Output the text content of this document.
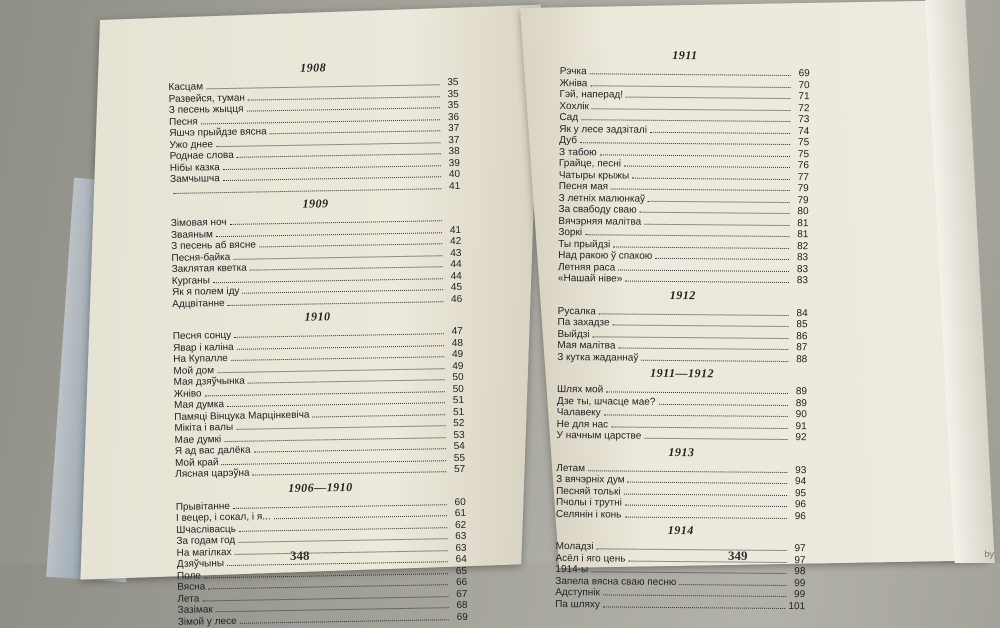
1908
Касцам	35
Развейся, туман	35
З песень жыцця	35
Песня	36
Яшчэ прыйдзе вясна	37
Ужо днее	37
Роднае слова	38
Нібы казка	39
Замчышча	40
41
1909
Зімовая ноч
Зваяным	41
З песень аб вясне	42
Песня-байка	43
Заклятая кветка	44
Курганы	44
Як я полем іду	45
Адцвітанне	46
1910
Песня сонцу	47
Явар і каліна	48
На Купалле	49
Мой дом	49
Мая дзяўчынка	50
Жніво	50
Мая думка	51
Памяці Вінцука Марцінкевіча	51
Мікіта і валы	52
Мае думкі	53
Я ад вас далёка	54
Мой край	55
Лясная царэўна	57
1906—1910
Прывітанне	60
І вецер, і сокал, і я...	61
Шчаслівасць	62
За годам год	63
На магілках	63
Дзяўчыны	64
Поле	65
Вясна	66
Лета	67
Зазімак	68
Зімой у лесе	69
1911
Рэчка	69
Жніва	70
Гэй, наперад!	71
Хохлік	72
Сад	73
Як у лесе задзіталі	74
Дуб	75
З табою	75
Грайце, песні	76
Чатыры крыжы	77
Песня мая	79
З летніх малюнкаў	79
За свабоду сваю	80
Вячэрняя малітва	81
Зоркі	81
Ты прыйдзі	82
Над ракою ў спакою	83
Летняя раса	83
«Нашай ніве»	83
1912
Русалка	84
Па захадзе	85
Выйдзі	86
Мая малітва	87
З кутка жаданнаў	88
1911—1912
Шлях мой	89
Дзе ты, шчасце мае?	89
Чалавеку	90
Не для нас	91
У начным царстве	92
1913
Летам	93
З вячэрніх дум	94
Песняй толькі	95
Пчолы і трутні	96
Селянін і конь	96
1914
Моладзі	97
Асёл і яго цень	97
1914-ы	98
Запела вясна сваю песню	99
Адступнік	99
Па шляху	101
348	349	by
